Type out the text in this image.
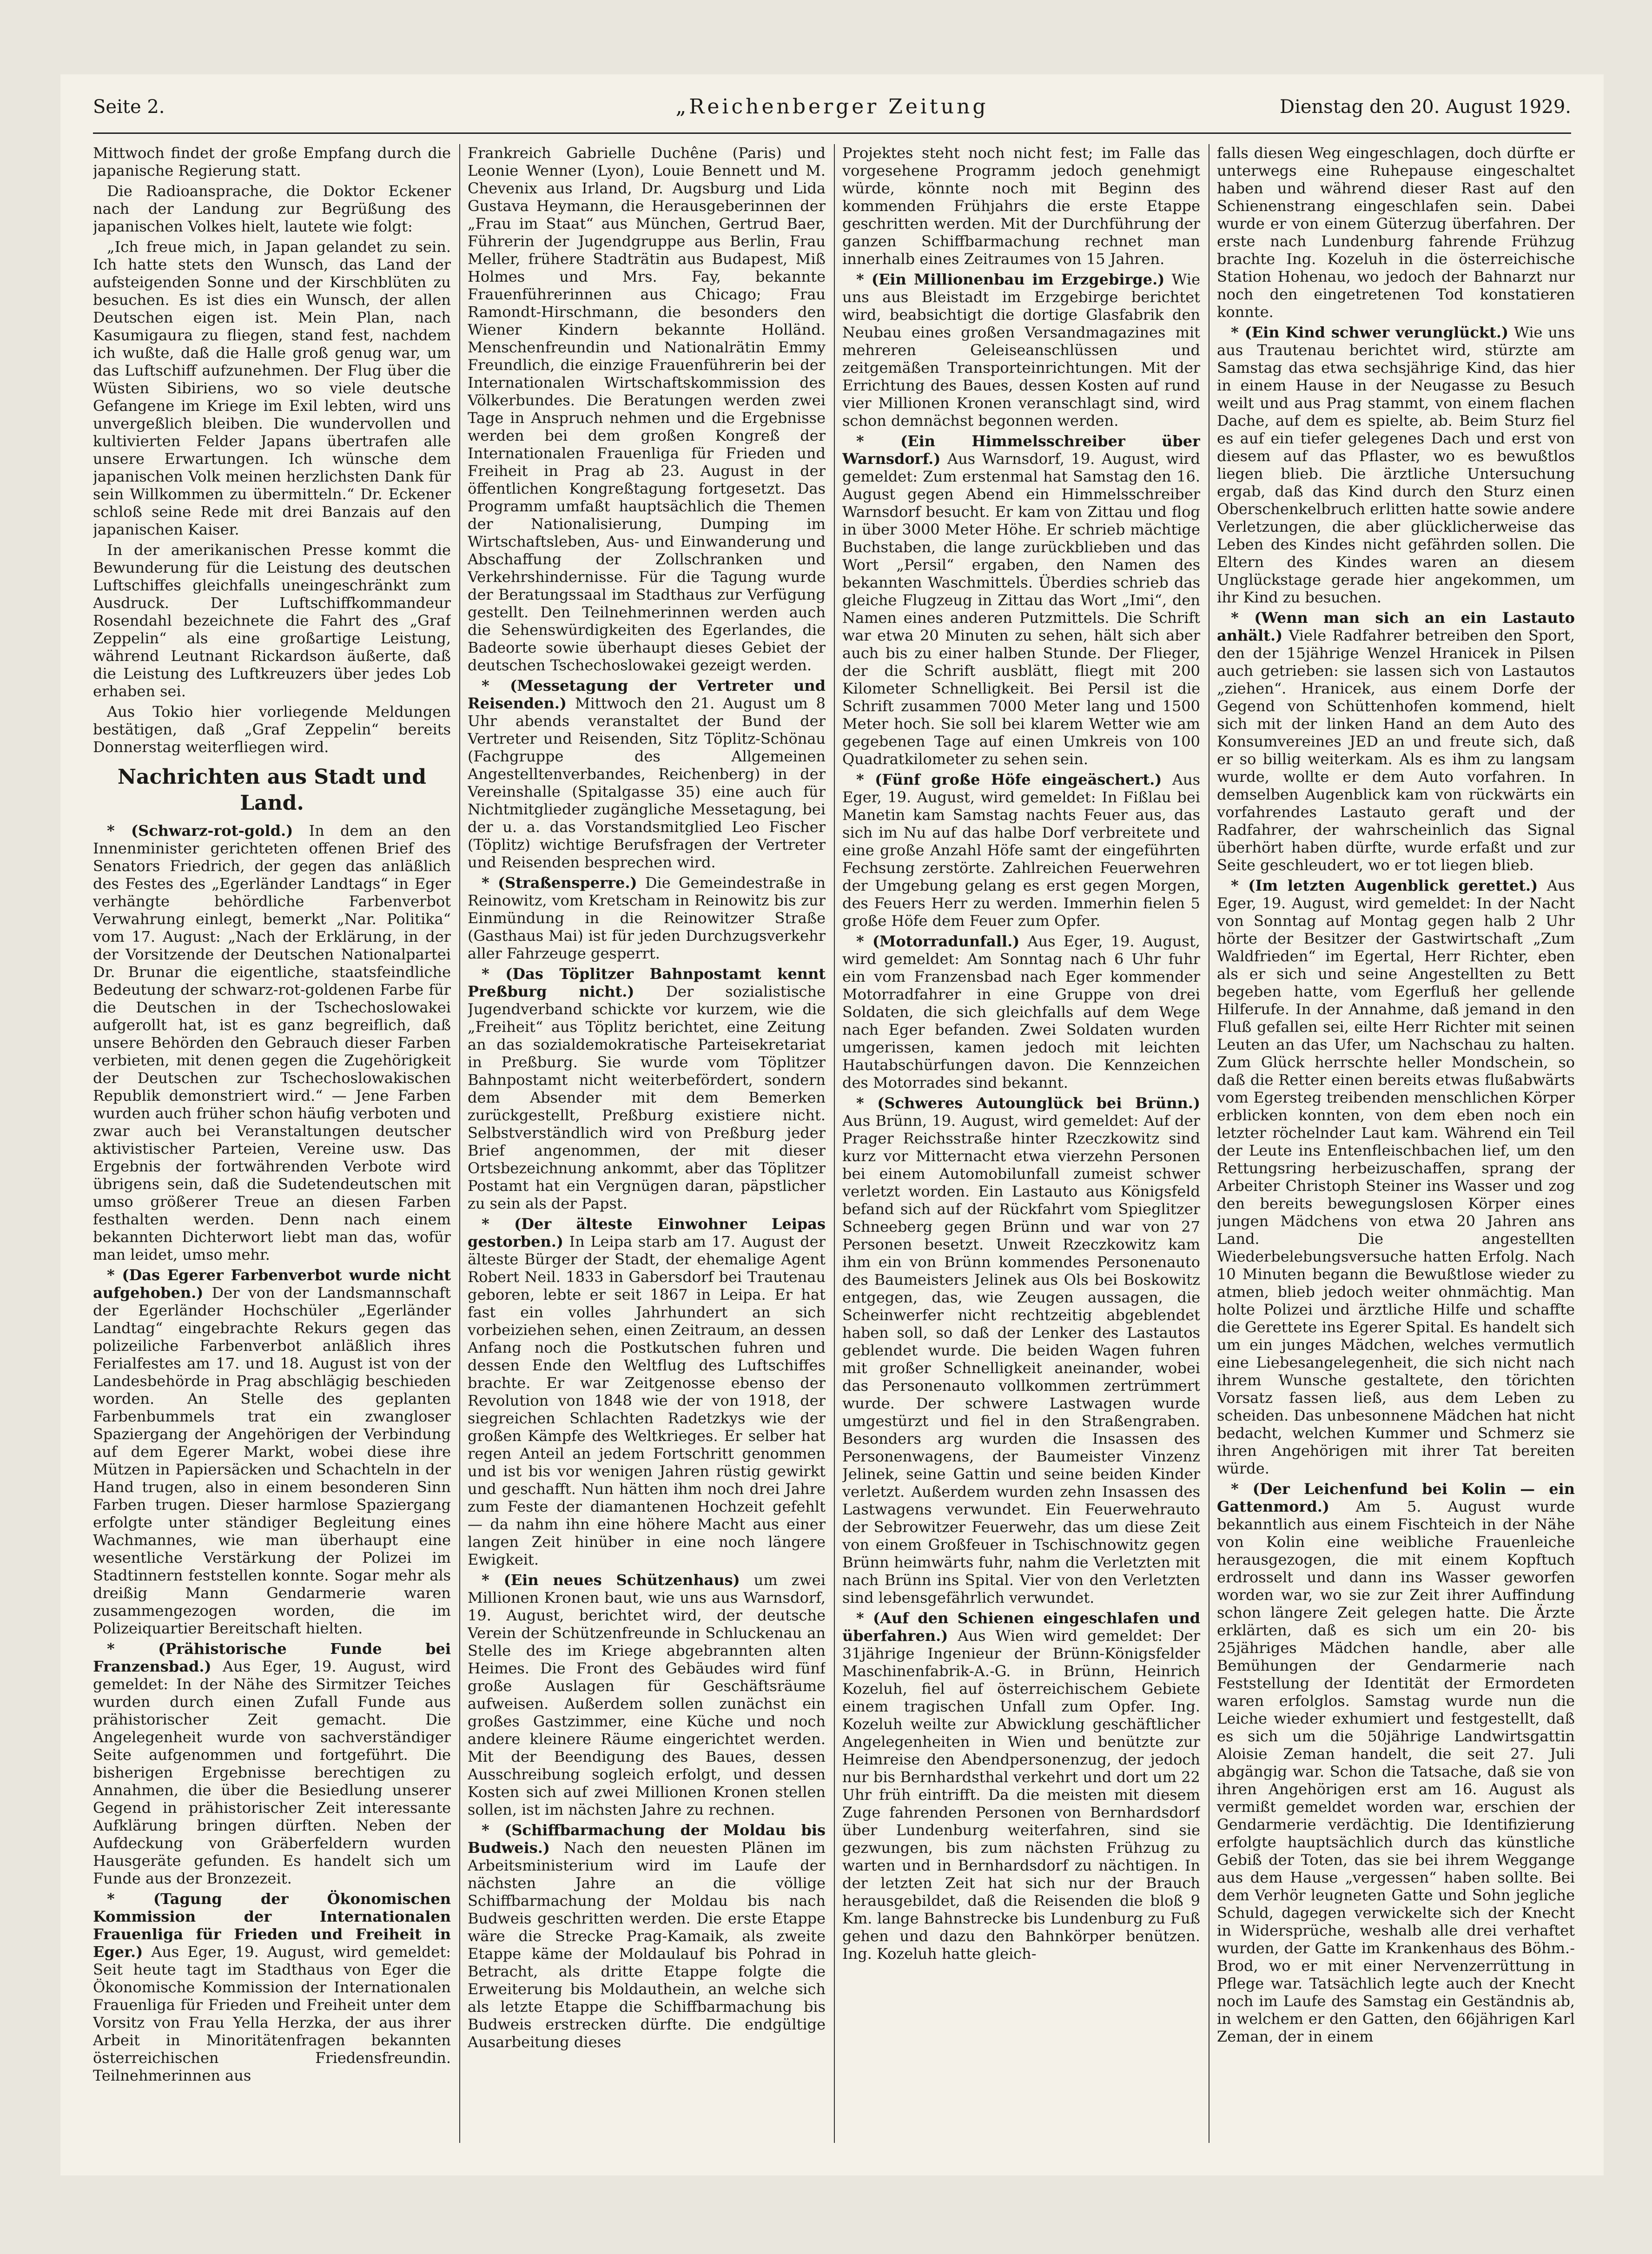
Seite 2.	„Reichenberger Zeitung	Dienstag den 20. August 1929.

Mittwoch findet der große Empfang durch die japanische Regierung statt.

Die Radioansprache, die Doktor Eckener nach der Landung zur Begrüßung des japanischen Volkes hielt, lautete wie folgt:

„Ich freue mich, in Japan gelandet zu sein. Ich hatte stets den Wunsch, das Land der aufsteigenden Sonne und der Kirschblüten zu besuchen. Es ist dies ein Wunsch, der allen Deutschen eigen ist. Mein Plan, nach Kasumigaura zu fliegen, stand fest, nachdem ich wußte, daß die Halle groß genug war, um das Luftschiff aufzunehmen. Der Flug über die Wüsten Sibiriens, wo so viele deutsche Gefangene im Kriege im Exil lebten, wird uns unvergeßlich bleiben. Die wundervollen und kultivierten Felder Japans übertrafen alle unsere Erwartungen. Ich wünsche dem japanischen Volk meinen herzlichsten Dank für sein Willkommen zu übermitteln.“ Dr. Eckener schloß seine Rede mit drei Banzais auf den japanischen Kaiser.

In der amerikanischen Presse kommt die Bewunderung für die Leistung des deutschen Luftschiffes gleichfalls uneingeschränkt zum Ausdruck. Der Luftschiffkommandeur Rosendahl bezeichnete die Fahrt des „Graf Zeppelin“ als eine großartige Leistung, während Leutnant Rickardson äußerte, daß die Leistung des Luftkreuzers über jedes Lob erhaben sei.

Aus Tokio hier vorliegende Meldungen bestätigen, daß „Graf Zeppelin“ bereits Donnerstag weiterfliegen wird.

Nachrichten aus Stadt und Land.

* (Schwarz-rot-gold.) In dem an den Innenminister gerichteten offenen Brief des Senators Friedrich, der gegen das anläßlich des Festes des „Egerländer Landtags“ in Eger verhängte behördliche Farbenverbot Verwahrung einlegt, bemerkt „Nar. Politika“ vom 17. August: „Nach der Erklärung, in der der Vorsitzende der Deutschen Nationalpartei Dr. Brunar die eigentliche, staatsfeindliche Bedeutung der schwarz-rot-goldenen Farbe für die Deutschen in der Tschechoslowakei aufgerollt hat, ist es ganz begreiflich, daß unsere Behörden den Gebrauch dieser Farben verbieten, mit denen gegen die Zugehörigkeit der Deutschen zur Tschechoslowakischen Republik demonstriert wird.“ — Jene Farben wurden auch früher schon häufig verboten und zwar auch bei Veranstaltungen deutscher aktivistischer Parteien, Vereine usw. Das Ergebnis der fortwährenden Verbote wird übrigens sein, daß die Sudetendeutschen mit umso größerer Treue an diesen Farben festhalten werden. Denn nach einem bekannten Dichterwort liebt man das, wofür man leidet, umso mehr.

* (Das Egerer Farbenverbot wurde nicht aufgehoben.) Der von der Landsmannschaft der Egerländer Hochschüler „Egerländer Landtag“ eingebrachte Rekurs gegen das polizeiliche Farbenverbot anläßlich ihres Ferialfestes am 17. und 18. August ist von der Landesbehörde in Prag abschlägig beschieden worden. An Stelle des geplanten Farbenbummels trat ein zwangloser Spaziergang der Angehörigen der Verbindung auf dem Egerer Markt, wobei diese ihre Mützen in Papiersäcken und Schachteln in der Hand trugen, also in einem besonderen Sinn Farben trugen. Dieser harmlose Spaziergang erfolgte unter ständiger Begleitung eines Wachmannes, wie man überhaupt eine wesentliche Verstärkung der Polizei im Stadtinnern feststellen konnte. Sogar mehr als dreißig Mann Gendarmerie waren zusammengezogen worden, die im Polizeiquartier Bereitschaft hielten.

* (Prähistorische Funde bei Franzensbad.) Aus Eger, 19. August, wird gemeldet: In der Nähe des Sirmitzer Teiches wurden durch einen Zufall Funde aus prähistorischer Zeit gemacht. Die Angelegenheit wurde von sachverständiger Seite aufgenommen und fortgeführt. Die bisherigen Ergebnisse berechtigen zu Annahmen, die über die Besiedlung unserer Gegend in prähistorischer Zeit interessante Aufklärung bringen dürften. Neben der Aufdeckung von Gräberfeldern wurden Hausgeräte gefunden. Es handelt sich um Funde aus der Bronzezeit.

* (Tagung der Ökonomischen Kommission der Internationalen Frauenliga für Frieden und Freiheit in Eger.) Aus Eger, 19. August, wird gemeldet: Seit heute tagt im Stadthaus von Eger die Ökonomische Kommission der Internationalen Frauenliga für Frieden und Freiheit unter dem Vorsitz von Frau Yella Herzka, der aus ihrer Arbeit in Minoritätenfragen bekannten österreichischen Friedensfreundin. Teilnehmerinnen aus

Frankreich Gabrielle Duchêne (Paris) und Leonie Wenner (Lyon), Louie Bennett und M. Chevenix aus Irland, Dr. Augsburg und Lida Gustava Heymann, die Herausgeberinnen der „Frau im Staat“ aus München, Gertrud Baer, Führerin der Jugendgruppe aus Berlin, Frau Meller, frühere Stadträtin aus Budapest, Miß Holmes und Mrs. Fay, bekannte Frauenführerinnen aus Chicago; Frau Ramondt-Hirschmann, die besonders den Wiener Kindern bekannte Holländ. Menschenfreundin und Nationalrätin Emmy Freundlich, die einzige Frauenführerin bei der Internationalen Wirtschaftskommission des Völkerbundes. Die Beratungen werden zwei Tage in Anspruch nehmen und die Ergebnisse werden bei dem großen Kongreß der Internationalen Frauenliga für Frieden und Freiheit in Prag ab 23. August in der öffentlichen Kongreßtagung fortgesetzt. Das Programm umfaßt hauptsächlich die Themen der Nationalisierung, Dumping im Wirtschaftsleben, Aus- und Einwanderung und Abschaffung der Zollschranken und Verkehrshindernisse. Für die Tagung wurde der Beratungssaal im Stadthaus zur Verfügung gestellt. Den Teilnehmerinnen werden auch die Sehenswürdigkeiten des Egerlandes, die Badeorte sowie überhaupt dieses Gebiet der deutschen Tschechoslowakei gezeigt werden.

* (Messetagung der Vertreter und Reisenden.) Mittwoch den 21. August um 8 Uhr abends veranstaltet der Bund der Vertreter und Reisenden, Sitz Töplitz-Schönau (Fachgruppe des Allgemeinen Angestelltenverbandes, Reichenberg) in der Vereinshalle (Spitalgasse 35) eine auch für Nichtmitglieder zugängliche Messetagung, bei der u. a. das Vorstandsmitglied Leo Fischer (Töplitz) wichtige Berufsfragen der Vertreter und Reisenden besprechen wird.

* (Straßensperre.) Die Gemeindestraße in Reinowitz, vom Kretscham in Reinowitz bis zur Einmündung in die Reinowitzer Straße (Gasthaus Mai) ist für jeden Durchzugsverkehr aller Fahrzeuge gesperrt.

* (Das Töplitzer Bahnpostamt kennt Preßburg nicht.) Der sozialistische Jugendverband schickte vor kurzem, wie die „Freiheit“ aus Töplitz berichtet, eine Zeitung an das sozialdemokratische Parteisekretariat in Preßburg. Sie wurde vom Töplitzer Bahnpostamt nicht weiterbefördert, sondern dem Absender mit dem Bemerken zurückgestellt, Preßburg existiere nicht. Selbstverständlich wird von Preßburg jeder Brief angenommen, der mit dieser Ortsbezeichnung ankommt, aber das Töplitzer Postamt hat ein Vergnügen daran, päpstlicher zu sein als der Papst.

* (Der älteste Einwohner Leipas gestorben.) In Leipa starb am 17. August der älteste Bürger der Stadt, der ehemalige Agent Robert Neil. 1833 in Gabersdorf bei Trautenau geboren, lebte er seit 1867 in Leipa. Er hat fast ein volles Jahrhundert an sich vorbeiziehen sehen, einen Zeitraum, an dessen Anfang noch die Postkutschen fuhren und dessen Ende den Weltflug des Luftschiffes brachte. Er war Zeitgenosse ebenso der Revolution von 1848 wie der von 1918, der siegreichen Schlachten Radetzkys wie der großen Kämpfe des Weltkrieges. Er selber hat regen Anteil an jedem Fortschritt genommen und ist bis vor wenigen Jahren rüstig gewirkt und geschafft. Nun hätten ihm noch drei Jahre zum Feste der diamantenen Hochzeit gefehlt — da nahm ihn eine höhere Macht aus einer langen Zeit hinüber in eine noch längere Ewigkeit.

* (Ein neues Schützenhaus) um zwei Millionen Kronen baut, wie uns aus Warnsdorf, 19. August, berichtet wird, der deutsche Verein der Schützenfreunde in Schluckenau an Stelle des im Kriege abgebrannten alten Heimes. Die Front des Gebäudes wird fünf große Auslagen für Geschäftsräume aufweisen. Außerdem sollen zunächst ein großes Gastzimmer, eine Küche und noch andere kleinere Räume eingerichtet werden. Mit der Beendigung des Baues, dessen Ausschreibung sogleich erfolgt, und dessen Kosten sich auf zwei Millionen Kronen stellen sollen, ist im nächsten Jahre zu rechnen.

* (Schiffbarmachung der Moldau bis Budweis.) Nach den neuesten Plänen im Arbeitsministerium wird im Laufe der nächsten Jahre an die völlige Schiffbarmachung der Moldau bis nach Budweis geschritten werden. Die erste Etappe wäre die Strecke Prag-Kamaik, als zweite Etappe käme der Moldaulauf bis Pohrad in Betracht, als dritte Etappe folgte die Erweiterung bis Moldauthein, an welche sich als letzte Etappe die Schiffbarmachung bis Budweis erstrecken dürfte. Die endgültige Ausarbeitung dieses

Projektes steht noch nicht fest; im Falle das vorgesehene Programm jedoch genehmigt würde, könnte noch mit Beginn des kommenden Frühjahrs die erste Etappe geschritten werden. Mit der Durchführung der ganzen Schiffbarmachung rechnet man innerhalb eines Zeitraumes von 15 Jahren.

* (Ein Millionenbau im Erzgebirge.) Wie uns aus Bleistadt im Erzgebirge berichtet wird, beabsichtigt die dortige Glasfabrik den Neubau eines großen Versandmagazines mit mehreren Geleiseanschlüssen und zeitgemäßen Transporteinrichtungen. Mit der Errichtung des Baues, dessen Kosten auf rund vier Millionen Kronen veranschlagt sind, wird schon demnächst begonnen werden.

* (Ein Himmelsschreiber über Warnsdorf.) Aus Warnsdorf, 19. August, wird gemeldet: Zum erstenmal hat Samstag den 16. August gegen Abend ein Himmelsschreiber Warnsdorf besucht. Er kam von Zittau und flog in über 3000 Meter Höhe. Er schrieb mächtige Buchstaben, die lange zurückblieben und das Wort „Persil“ ergaben, den Namen des bekannten Waschmittels. Überdies schrieb das gleiche Flugzeug in Zittau das Wort „Imi“, den Namen eines anderen Putzmittels. Die Schrift war etwa 20 Minuten zu sehen, hält sich aber auch bis zu einer halben Stunde. Der Flieger, der die Schrift ausblätt, fliegt mit 200 Kilometer Schnelligkeit. Bei Persil ist die Schrift zusammen 7000 Meter lang und 1500 Meter hoch. Sie soll bei klarem Wetter wie am gegebenen Tage auf einen Umkreis von 100 Quadratkilometer zu sehen sein.

* (Fünf große Höfe eingeäschert.) Aus Eger, 19. August, wird gemeldet: In Fißlau bei Manetin kam Samstag nachts Feuer aus, das sich im Nu auf das halbe Dorf verbreitete und eine große Anzahl Höfe samt der eingeführten Fechsung zerstörte. Zahlreichen Feuerwehren der Umgebung gelang es erst gegen Morgen, des Feuers Herr zu werden. Immerhin fielen 5 große Höfe dem Feuer zum Opfer.

* (Motorradunfall.) Aus Eger, 19. August, wird gemeldet: Am Sonntag nach 6 Uhr fuhr ein vom Franzensbad nach Eger kommender Motorradfahrer in eine Gruppe von drei Soldaten, die sich gleichfalls auf dem Wege nach Eger befanden. Zwei Soldaten wurden umgerissen, kamen jedoch mit leichten Hautabschürfungen davon. Die Kennzeichen des Motorrades sind bekannt.

* (Schweres Autounglück bei Brünn.) Aus Brünn, 19. August, wird gemeldet: Auf der Prager Reichsstraße hinter Rzeczkowitz sind kurz vor Mitternacht etwa vierzehn Personen bei einem Automobilunfall zumeist schwer verletzt worden. Ein Lastauto aus Königsfeld befand sich auf der Rückfahrt vom Spieglitzer Schneeberg gegen Brünn und war von 27 Personen besetzt. Unweit Rzeczkowitz kam ihm ein von Brünn kommendes Personenauto des Baumeisters Jelinek aus Ols bei Boskowitz entgegen, das, wie Zeugen aussagen, die Scheinwerfer nicht rechtzeitig abgeblendet haben soll, so daß der Lenker des Lastautos geblendet wurde. Die beiden Wagen fuhren mit großer Schnelligkeit aneinander, wobei das Personenauto vollkommen zertrümmert wurde. Der schwere Lastwagen wurde umgestürzt und fiel in den Straßengraben. Besonders arg wurden die Insassen des Personenwagens, der Baumeister Vinzenz Jelinek, seine Gattin und seine beiden Kinder verletzt. Außerdem wurden zehn Insassen des Lastwagens verwundet. Ein Feuerwehrauto der Sebrowitzer Feuerwehr, das um diese Zeit von einem Großfeuer in Tschischnowitz gegen Brünn heimwärts fuhr, nahm die Verletzten mit nach Brünn ins Spital. Vier von den Verletzten sind lebensgefährlich verwundet.

* (Auf den Schienen eingeschlafen und überfahren.) Aus Wien wird gemeldet: Der 31jährige Ingenieur der Brünn-Königsfelder Maschinenfabrik-A.-G. in Brünn, Heinrich Kozeluh, fiel auf österreichischem Gebiete einem tragischen Unfall zum Opfer. Ing. Kozeluh weilte zur Abwicklung geschäftlicher Angelegenheiten in Wien und benützte zur Heimreise den Abendpersonenzug, der jedoch nur bis Bernhardsthal verkehrt und dort um 22 Uhr früh eintrifft. Da die meisten mit diesem Zuge fahrenden Personen von Bernhardsdorf über Lundenburg weiterfahren, sind sie gezwungen, bis zum nächsten Frühzug zu warten und in Bernhardsdorf zu nächtigen. In der letzten Zeit hat sich nur der Brauch herausgebildet, daß die Reisenden die bloß 9 Km. lange Bahnstrecke bis Lundenburg zu Fuß gehen und dazu den Bahnkörper benützen. Ing. Kozeluh hatte gleich-

falls diesen Weg eingeschlagen, doch dürfte er unterwegs eine Ruhepause eingeschaltet haben und während dieser Rast auf den Schienenstrang eingeschlafen sein. Dabei wurde er von einem Güterzug überfahren. Der erste nach Lundenburg fahrende Frühzug brachte Ing. Kozeluh in die österreichische Station Hohenau, wo jedoch der Bahnarzt nur noch den eingetretenen Tod konstatieren konnte.

* (Ein Kind schwer verunglückt.) Wie uns aus Trautenau berichtet wird, stürzte am Samstag das etwa sechsjährige Kind, das hier in einem Hause in der Neugasse zu Besuch weilt und aus Prag stammt, von einem flachen Dache, auf dem es spielte, ab. Beim Sturz fiel es auf ein tiefer gelegenes Dach und erst von diesem auf das Pflaster, wo es bewußtlos liegen blieb. Die ärztliche Untersuchung ergab, daß das Kind durch den Sturz einen Oberschenkelbruch erlitten hatte sowie andere Verletzungen, die aber glücklicherweise das Leben des Kindes nicht gefährden sollen. Die Eltern des Kindes waren an diesem Unglückstage gerade hier angekommen, um ihr Kind zu besuchen.

* (Wenn man sich an ein Lastauto anhält.) Viele Radfahrer betreiben den Sport, den der 15jährige Wenzel Hranicek in Pilsen auch getrieben: sie lassen sich von Lastautos „ziehen“. Hranicek, aus einem Dorfe der Gegend von Schüttenhofen kommend, hielt sich mit der linken Hand an dem Auto des Konsumvereines JED an und freute sich, daß er so billig weiterkam. Als es ihm zu langsam wurde, wollte er dem Auto vorfahren. In demselben Augenblick kam von rückwärts ein vorfahrendes Lastauto geraft und der Radfahrer, der wahrscheinlich das Signal überhört haben dürfte, wurde erfaßt und zur Seite geschleudert, wo er tot liegen blieb.

* (Im letzten Augenblick gerettet.) Aus Eger, 19. August, wird gemeldet: In der Nacht von Sonntag auf Montag gegen halb 2 Uhr hörte der Besitzer der Gastwirtschaft „Zum Waldfrieden“ im Egertal, Herr Richter, eben als er sich und seine Angestellten zu Bett begeben hatte, vom Egerfluß her gellende Hilferufe. In der Annahme, daß jemand in den Fluß gefallen sei, eilte Herr Richter mit seinen Leuten an das Ufer, um Nachschau zu halten. Zum Glück herrschte heller Mondschein, so daß die Retter einen bereits etwas flußabwärts vom Egersteg treibenden menschlichen Körper erblicken konnten, von dem eben noch ein letzter röchelnder Laut kam. Während ein Teil der Leute ins Entenfleischbachen lief, um den Rettungsring herbeizuschaffen, sprang der Arbeiter Christoph Steiner ins Wasser und zog den bereits bewegungslosen Körper eines jungen Mädchens von etwa 20 Jahren ans Land. Die angestellten Wiederbelebungsversuche hatten Erfolg. Nach 10 Minuten begann die Bewußtlose wieder zu atmen, blieb jedoch weiter ohnmächtig. Man holte Polizei und ärztliche Hilfe und schaffte die Gerettete ins Egerer Spital. Es handelt sich um ein junges Mädchen, welches vermutlich eine Liebesangelegenheit, die sich nicht nach ihrem Wunsche gestaltete, den törichten Vorsatz fassen ließ, aus dem Leben zu scheiden. Das unbesonnene Mädchen hat nicht bedacht, welchen Kummer und Schmerz sie ihren Angehörigen mit ihrer Tat bereiten würde.

* (Der Leichenfund bei Kolin — ein Gattenmord.) Am 5. August wurde bekanntlich aus einem Fischteich in der Nähe von Kolin eine weibliche Frauenleiche herausgezogen, die mit einem Kopftuch erdrosselt und dann ins Wasser geworfen worden war, wo sie zur Zeit ihrer Auffindung schon längere Zeit gelegen hatte. Die Ärzte erklärten, daß es sich um ein 20- bis 25jähriges Mädchen handle, aber alle Bemühungen der Gendarmerie nach Feststellung der Identität der Ermordeten waren erfolglos. Samstag wurde nun die Leiche wieder exhumiert und festgestellt, daß es sich um die 50jährige Landwirtsgattin Aloisie Zeman handelt, die seit 27. Juli abgängig war. Schon die Tatsache, daß sie von ihren Angehörigen erst am 16. August als vermißt gemeldet worden war, erschien der Gendarmerie verdächtig. Die Identifizierung erfolgte hauptsächlich durch das künstliche Gebiß der Toten, das sie bei ihrem Weggange aus dem Hause „vergessen“ haben sollte. Bei dem Verhör leugneten Gatte und Sohn jegliche Schuld, dagegen verwickelte sich der Knecht in Widersprüche, weshalb alle drei verhaftet wurden, der Gatte im Krankenhaus des Böhm.-Brod, wo er mit einer Nervenzerrüttung in Pflege war. Tatsächlich legte auch der Knecht noch im Laufe des Samstag ein Geständnis ab, in welchem er den Gatten, den 66jährigen Karl Zeman, der in einem
